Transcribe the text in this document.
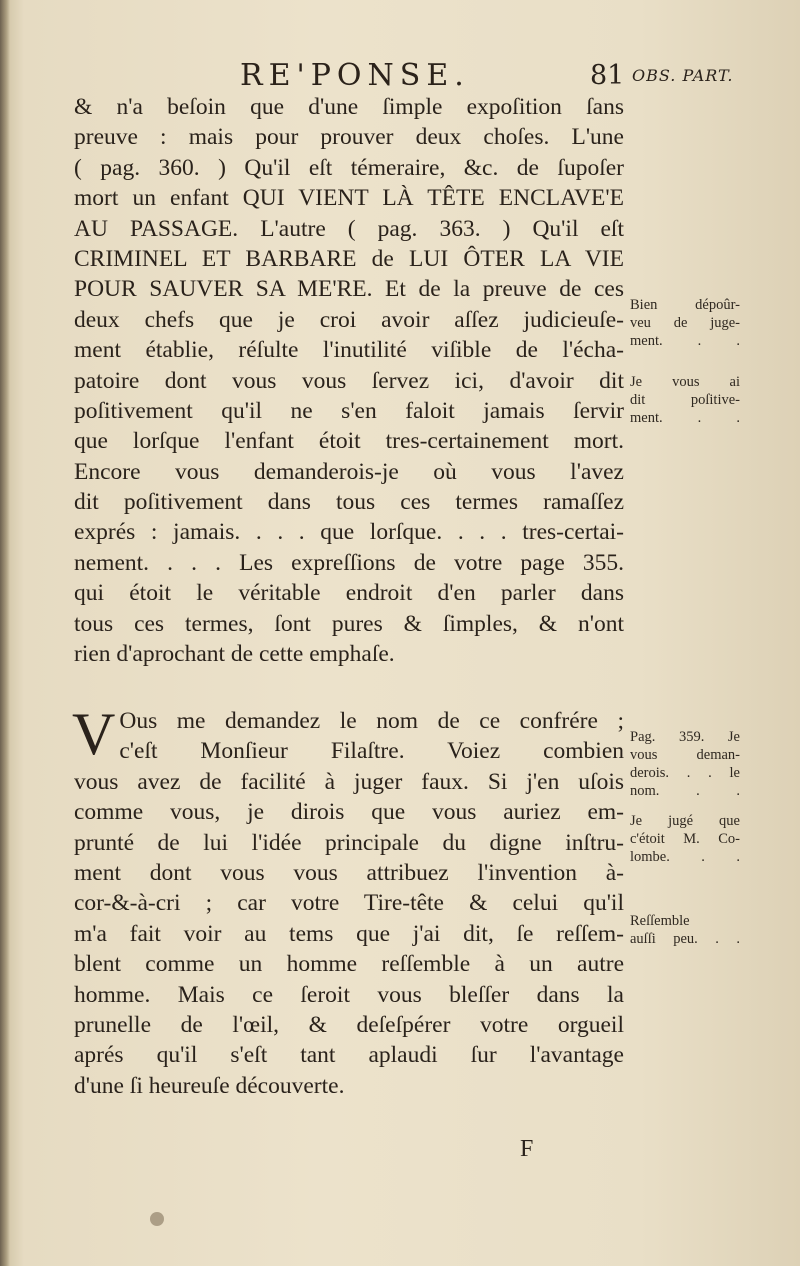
RE'PONSE.	81 OBS. PART.
& n'a beſoin que d'une ſimple expoſition ſans
preuve : mais pour prouver deux choſes. L'une
( pag. 360. ) Qu'il eſt témeraire, &c. de ſupoſer
mort un enfant QUI VIENT LÀ TÊTE ENCLAVE'E
AU PASSAGE. L'autre ( pag. 363. ) Qu'il eſt
CRIMINEL ET BARBARE de LUI ÔTER LA VIE
POUR SAUVER SA ME'RE. Et de la preuve de ces
deux chefs que je croi avoir aſſez judicieuſe-
ment établie, réſulte l'inutilité viſible de l'écha-
patoire dont vous vous ſervez ici, d'avoir dit
poſitivement qu'il ne s'en faloit jamais ſervir
que lorſque l'enfant étoit tres-certainement mort.
Encore vous demanderois-je où vous l'avez
dit poſitivement dans tous ces termes ramaſſez
exprés : jamais. . . . que lorſque. . . . tres-certai-
nement. . . . Les expreſſions de votre page 355.
qui étoit le véritable endroit d'en parler dans
tous ces termes, ſont pures & ſimples, & n'ont
rien d'aprochant de cette emphaſe.
V Ous me demandez le nom de ce confrére ;
c'eſt Monſieur Filaſtre. Voiez combien
vous avez de facilité à juger faux. Si j'en uſois
comme vous, je dirois que vous auriez em-
prunté de lui l'idée principale du digne inſtru-
ment dont vous vous attribuez l'invention à-
cor-&-à-cri ; car votre Tire-tête & celui qu'il
m'a fait voir au tems que j'ai dit, ſe reſſem-
blent comme un homme reſſemble à un autre
homme. Mais ce ſeroit vous bleſſer dans la
prunelle de l'œil, & deſeſpérer votre orgueil
aprés qu'il s'eſt tant aplaudi ſur l'avantage
d'une ſi heureuſe découverte.
Bien dépoûr-
veu de juge-
ment. . .
Je vous ai
dit poſitive-
ment. . .
Pag. 359. Je
vous deman-
derois. . . le
nom. . .
Je jugé que
c'étoit M. Co-
lombe. . .
Reſſemble
auſſi peu. . .
F
